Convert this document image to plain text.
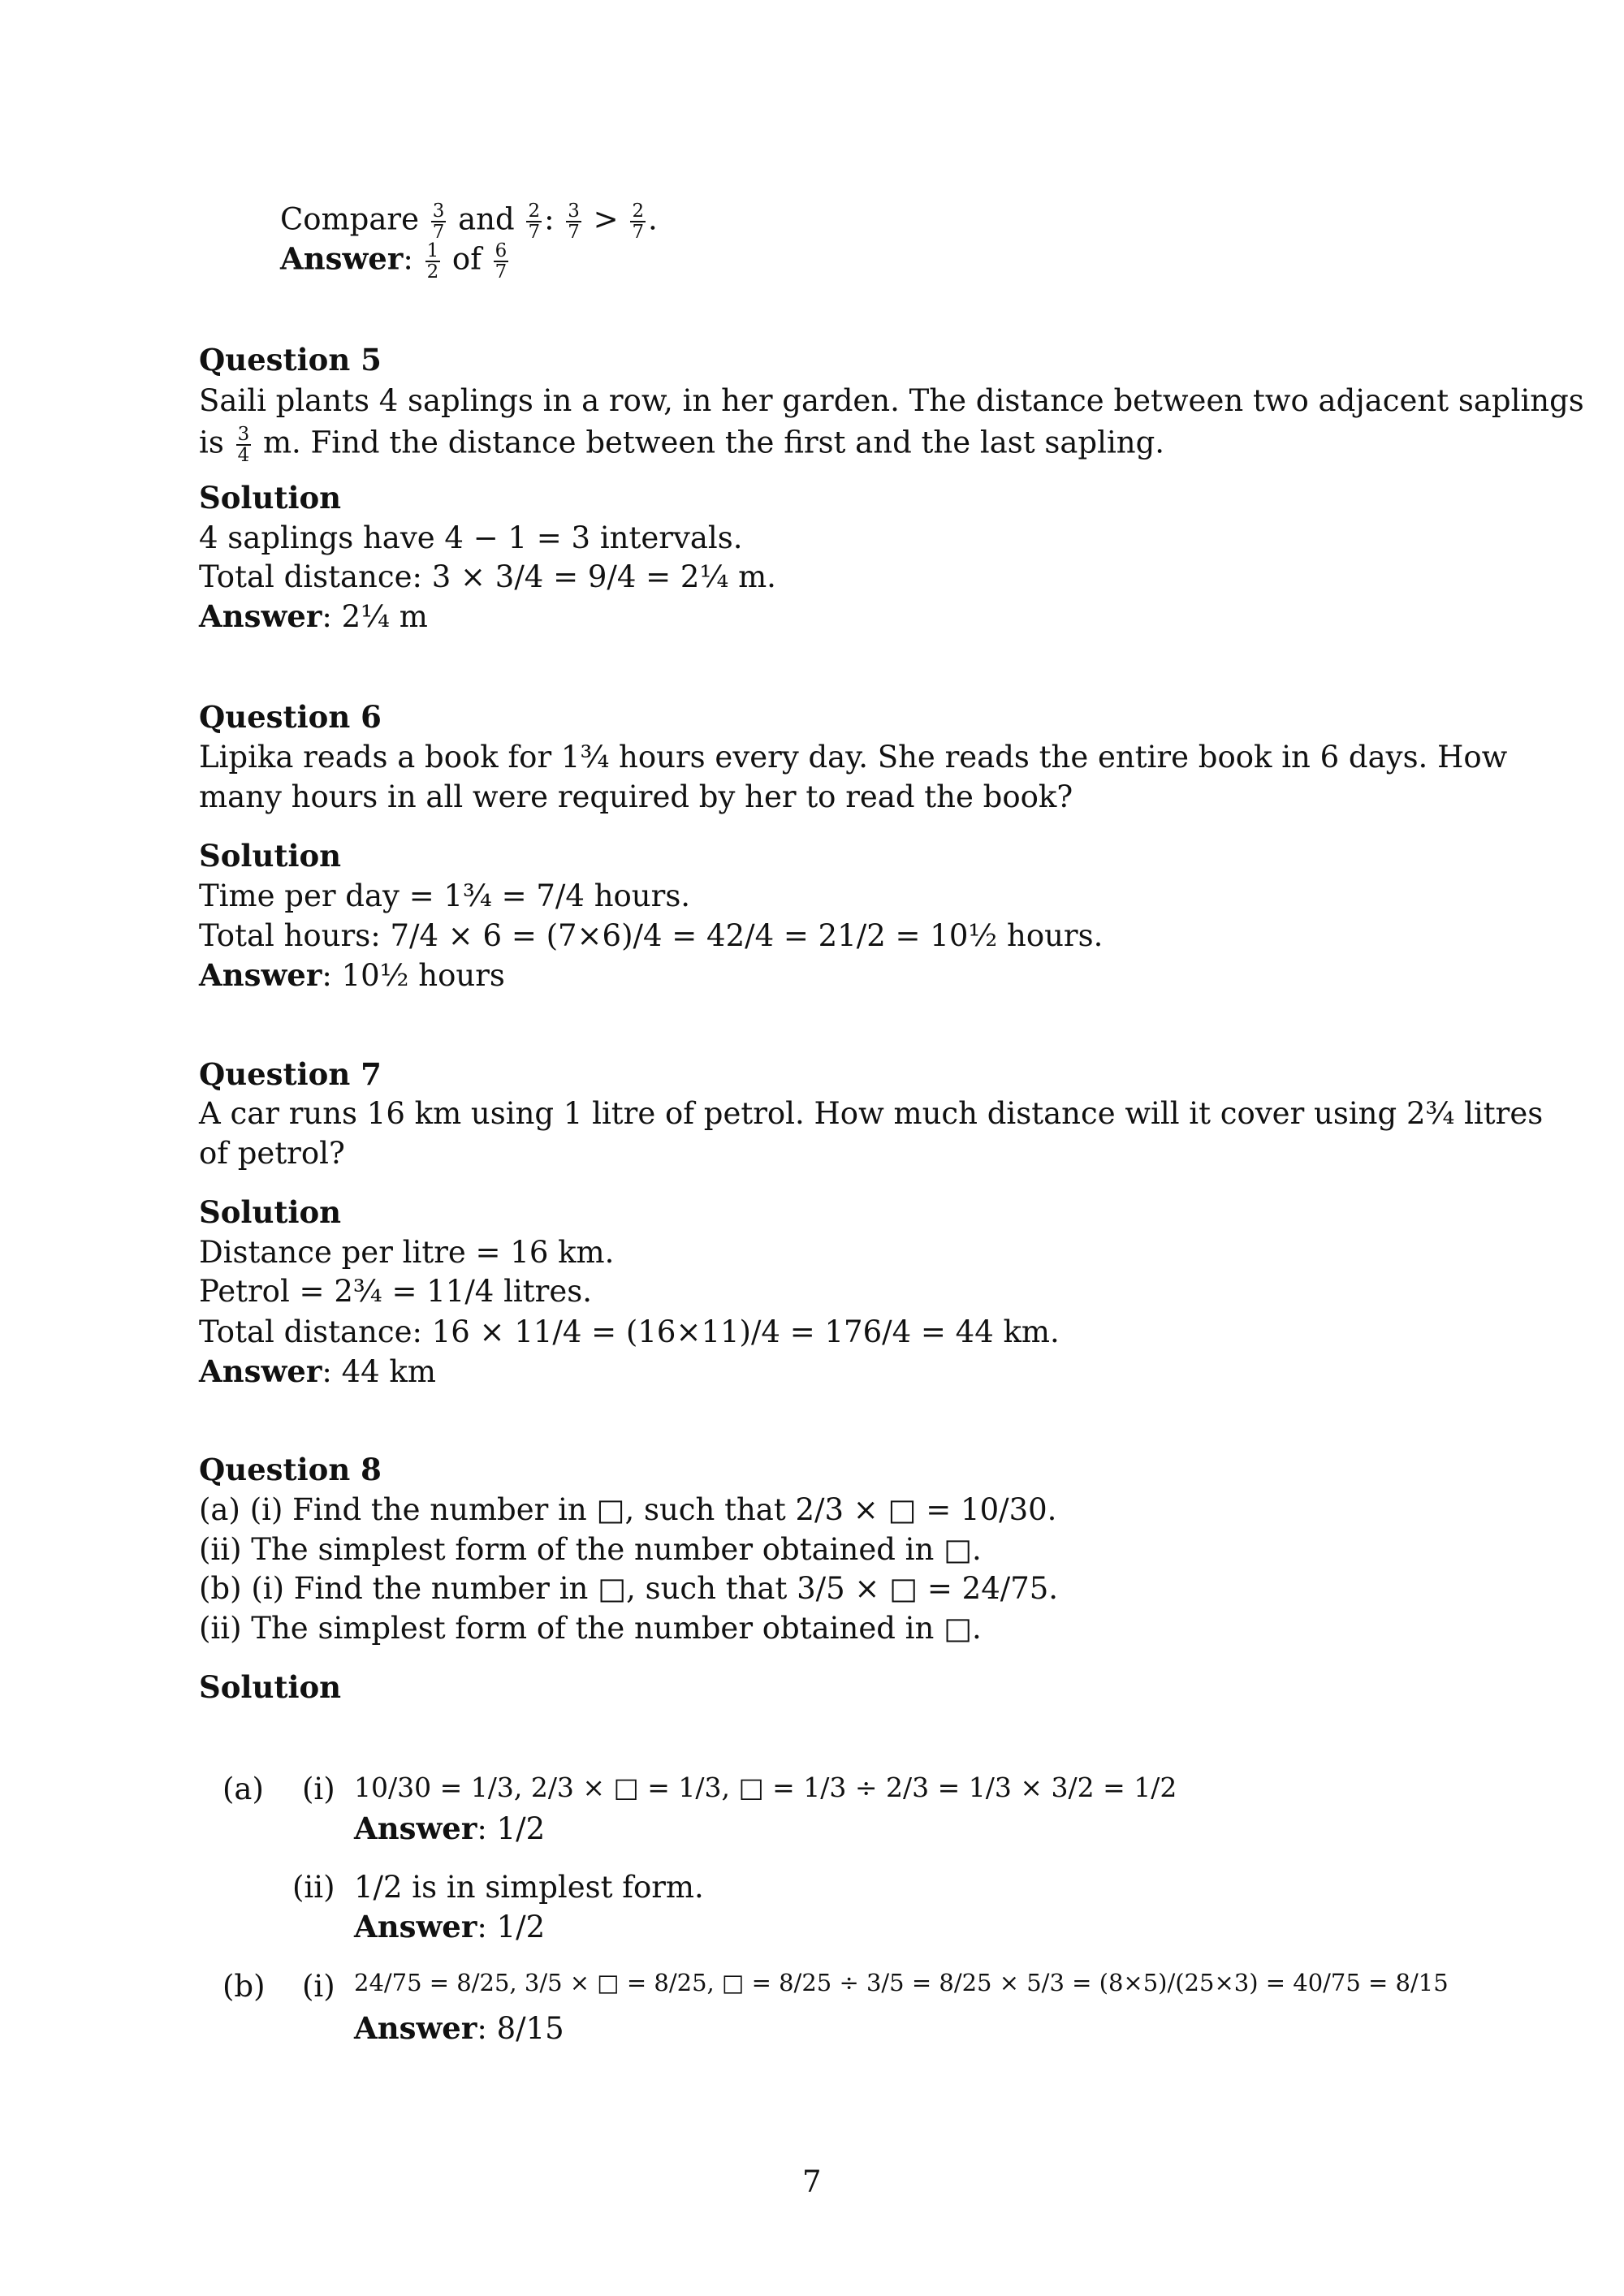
Compare $\frac{3}{7}$ and $\frac{2}{7}$ : $\frac{3}{7} > \frac{2}{7}$ .
Answer: $\frac{1}{2}$ of $\frac{6}{7}$
Question 5
Saili plants 4 saplings in a row, in her garden. The distance between two adjacent saplings
is $\frac{3}{4} m$. Find the distance between the first and the last sapling.
Solution
4 saplings have 4 − 1 = 3 intervals.
Total distance: 3 × 3/4 = 9/4 = 2¼ m.
Answer: 2¼ m
Question 6
Lipika reads a book for 1¾ hours every day. She reads the entire book in 6 days. How
many hours in all were required by her to read the book?
Solution
Time per day = 1¾ = 7/4 hours.
Total hours: 7/4 × 6 = (7×6)/4 = 42/4 = 21/2 = 10½ hours.
Answer: 10½ hours
Question 7
A car runs 16 km using 1 litre of petrol. How much distance will it cover using 2¾ litres
of petrol?
Solution
Distance per litre = 16 km.
Petrol = 2¾ = 11/4 litres.
Total distance: 16 × 11/4 = (16×11)/4 = 176/4 = 44 km.
Answer: 44 km
Question 8
(a) (i) Find the number in □, such that 2/3 × □ = 10/30.
(ii) The simplest form of the number obtained in □.
(b) (i) Find the number in □, such that 3/5 × □ = 24/75.
(ii) The simplest form of the number obtained in □.
Solution
(a) (i) 10/30 = 1/3, 2/3 × □ = 1/3, □ = 1/3 ÷ 2/3 = 1/3 × 3/2 = 1/2
Answer: 1/2
(ii) 1/2 is in simplest form.
Answer: 1/2
(b) (i) 24/75 = 8/25, 3/5 × □ = 8/25, □ = 8/25 ÷ 3/5 = 8/25 × 5/3 = (8×5)/(25×3) = 40/75 = 8/15
Answer: 8/15
7
